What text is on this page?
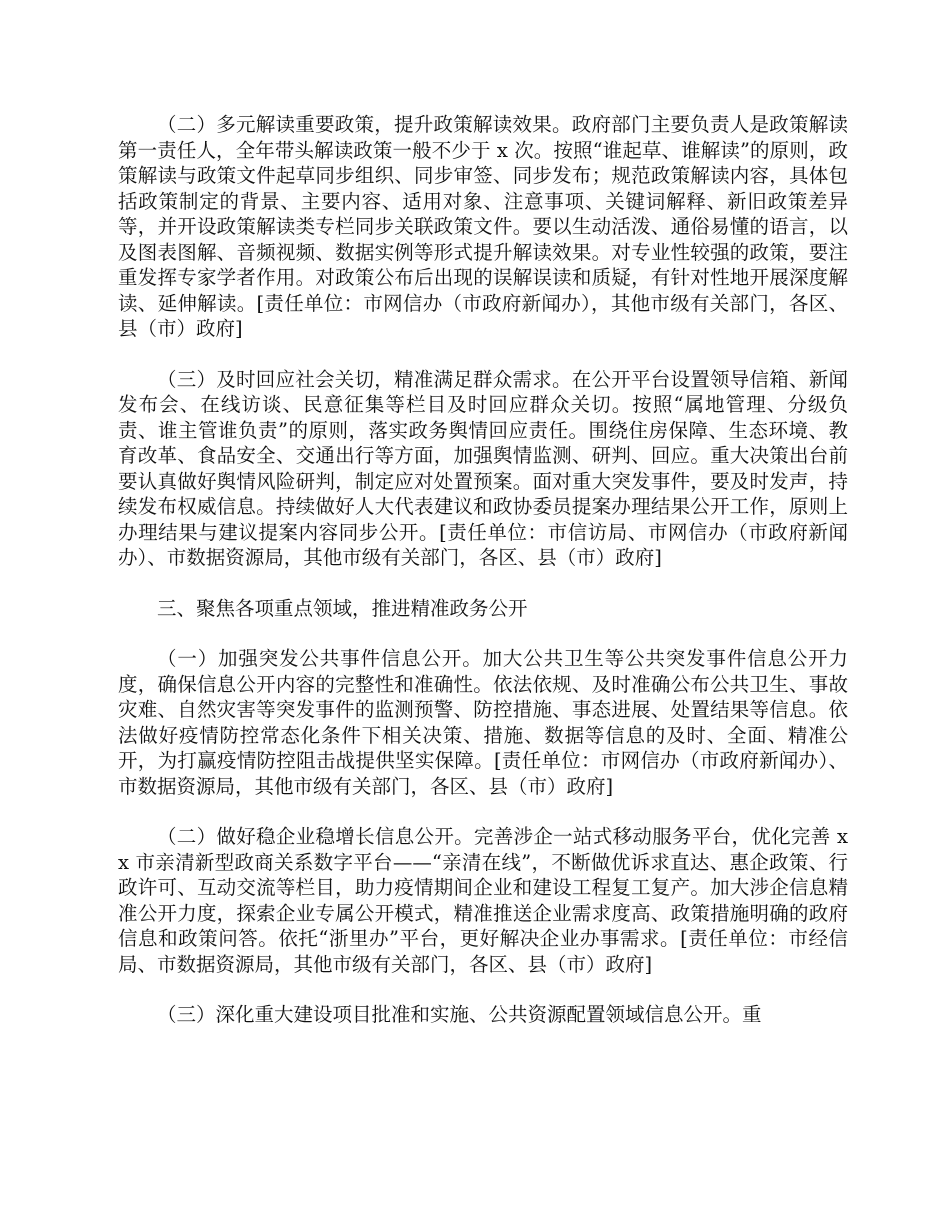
（二）多元解读重要政策，提升政策解读效果。政府部门主要负责人是政策解读第一责任人，全年带头解读政策一般不少于 x 次。按照“谁起草、谁解读”的原则，政策解读与政策文件起草同步组织、同步审签、同步发布；规范政策解读内容，具体包括政策制定的背景、主要内容、适用对象、注意事项、关键词解释、新旧政策差异等，并开设政策解读类专栏同步关联政策文件。要以生动活泼、通俗易懂的语言，以及图表图解、音频视频、数据实例等形式提升解读效果。对专业性较强的政策，要注重发挥专家学者作用。对政策公布后出现的误解误读和质疑，有针对性地开展深度解读、延伸解读。[责任单位：市网信办（市政府新闻办），其他市级有关部门，各区、县（市）政府]

（三）及时回应社会关切，精准满足群众需求。在公开平台设置领导信箱、新闻发布会、在线访谈、民意征集等栏目及时回应群众关切。按照“属地管理、分级负责、谁主管谁负责”的原则，落实政务舆情回应责任。围绕住房保障、生态环境、教育改革、食品安全、交通出行等方面，加强舆情监测、研判、回应。重大决策出台前要认真做好舆情风险研判，制定应对处置预案。面对重大突发事件，要及时发声，持续发布权威信息。持续做好人大代表建议和政协委员提案办理结果公开工作，原则上办理结果与建议提案内容同步公开。[责任单位：市信访局、市网信办（市政府新闻办）、市数据资源局，其他市级有关部门，各区、县（市）政府]

三、聚焦各项重点领域，推进精准政务公开

（一）加强突发公共事件信息公开。加大公共卫生等公共突发事件信息公开力度，确保信息公开内容的完整性和准确性。依法依规、及时准确公布公共卫生、事故灾难、自然灾害等突发事件的监测预警、防控措施、事态进展、处置结果等信息。依法做好疫情防控常态化条件下相关决策、措施、数据等信息的及时、全面、精准公开，为打赢疫情防控阻击战提供坚实保障。[责任单位：市网信办（市政府新闻办）、市数据资源局，其他市级有关部门，各区、县（市）政府]

（二）做好稳企业稳增长信息公开。完善涉企一站式移动服务平台，优化完善 xx 市亲清新型政商关系数字平台——“亲清在线”，不断做优诉求直达、惠企政策、行政许可、互动交流等栏目，助力疫情期间企业和建设工程复工复产。加大涉企信息精准公开力度，探索企业专属公开模式，精准推送企业需求度高、政策措施明确的政府信息和政策问答。依托“浙里办”平台，更好解决企业办事需求。[责任单位：市经信局、市数据资源局，其他市级有关部门，各区、县（市）政府]

（三）深化重大建设项目批准和实施、公共资源配置领域信息公开。重
